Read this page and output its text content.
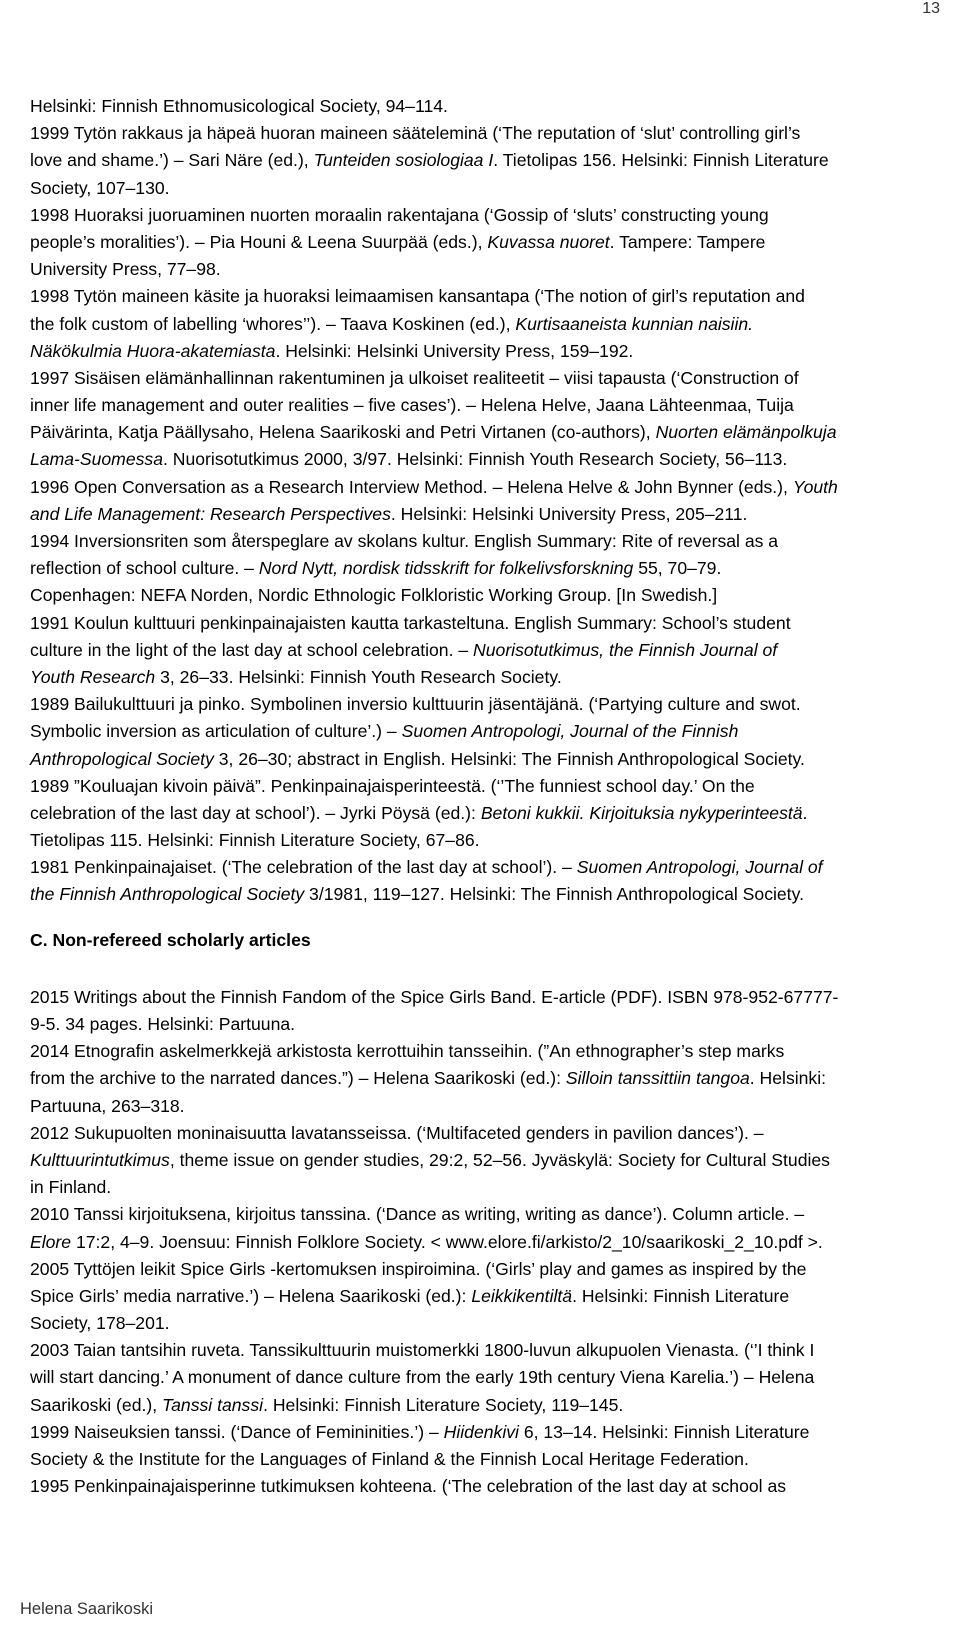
13
Helsinki: Finnish Ethnomusicological Society, 94–114.
1999 Tytön rakkaus ja häpeä huoran maineen sääteleminä (‘The reputation of ‘slut’ controlling girl’s
love and shame.’) – Sari Näre (ed.), Tunteiden sosiologiaa I. Tietolipas 156. Helsinki: Finnish Literature
Society, 107–130.
1998 Huoraksi juoruaminen nuorten moraalin rakentajana (‘Gossip of ‘sluts’ constructing young
people’s moralities’). – Pia Houni & Leena Suurpää (eds.), Kuvassa nuoret. Tampere: Tampere
University Press, 77–98.
1998 Tytön maineen käsite ja huoraksi leimaamisen kansantapa (‘The notion of girl’s reputation and
the folk custom of labelling ‘whores’’). – Taava Koskinen (ed.), Kurtisaaneista kunnian naisiin.
Näkökulmia Huora-akatemiasta. Helsinki: Helsinki University Press, 159–192.
1997 Sisäisen elämänhallinnan rakentuminen ja ulkoiset realiteetit – viisi tapausta (‘Construction of
inner life management and outer realities – five cases’). – Helena Helve, Jaana Lähteenmaa, Tuija
Päivärinta, Katja Päällysaho, Helena Saarikoski and Petri Virtanen (co-authors), Nuorten elämänpolkuja
Lama-Suomessa. Nuorisotutkimus 2000, 3/97. Helsinki: Finnish Youth Research Society, 56–113.
1996 Open Conversation as a Research Interview Method. – Helena Helve & John Bynner (eds.), Youth
and Life Management: Research Perspectives. Helsinki: Helsinki University Press, 205–211.
1994 Inversionsriten som återspeglare av skolans kultur. English Summary: Rite of reversal as a
reflection of school culture. – Nord Nytt, nordisk tidsskrift for folkelivsforskning 55, 70–79.
Copenhagen: NEFA Norden, Nordic Ethnologic Folkloristic Working Group. [In Swedish.]
1991 Koulun kulttuuri penkinpainajaisten kautta tarkasteltuna. English Summary: School’s student
culture in the light of the last day at school celebration. – Nuorisotutkimus, the Finnish Journal of
Youth Research 3, 26–33. Helsinki: Finnish Youth Research Society.
1989 Bailukulttuuri ja pinko. Symbolinen inversio kulttuurin jäsentäjänä. (‘Partying culture and swot.
Symbolic inversion as articulation of culture’.) – Suomen Antropologi, Journal of the Finnish
Anthropological Society 3, 26–30; abstract in English. Helsinki: The Finnish Anthropological Society.
1989 ”Kouluajan kivoin päivä”. Penkinpainajaisperinteestä. (‘’The funniest school day.’ On the
celebration of the last day at school’). – Jyrki Pöysä (ed.): Betoni kukkii. Kirjoituksia nykyperinteestä.
Tietolipas 115. Helsinki: Finnish Literature Society, 67–86.
1981 Penkinpainajaiset. (‘The celebration of the last day at school’). – Suomen Antropologi, Journal of
the Finnish Anthropological Society 3/1981, 119–127. Helsinki: The Finnish Anthropological Society.
C. Non-refereed scholarly articles
2015 Writings about the Finnish Fandom of the Spice Girls Band. E-article (PDF). ISBN 978-952-67777-
9-5. 34 pages. Helsinki: Partuuna.
2014 Etnografin askelmerkkejä arkistosta kerrottuihin tansseihin. (”An ethnographer’s step marks
from the archive to the narrated dances.”) – Helena Saarikoski (ed.): Silloin tanssittiin tangoa. Helsinki:
Partuuna, 263–318.
2012 Sukupuolten moninaisuutta lavatansseissa. (‘Multifaceted genders in pavilion dances’). –
Kulttuurintutkimus, theme issue on gender studies, 29:2, 52–56. Jyväskylä: Society for Cultural Studies
in Finland.
2010 Tanssi kirjoituksena, kirjoitus tanssina. (‘Dance as writing, writing as dance’). Column article. –
Elore 17:2, 4–9. Joensuu: Finnish Folklore Society. < www.elore.fi/arkisto/2_10/saarikoski_2_10.pdf >.
2005 Tyttöjen leikit Spice Girls -kertomuksen inspiroimina. (‘Girls’ play and games as inspired by the
Spice Girls’ media narrative.’) – Helena Saarikoski (ed.): Leikkikentiltä. Helsinki: Finnish Literature
Society, 178–201.
2003 Taian tantsihin ruveta. Tanssikulttuurin muistomerkki 1800-luvun alkupuolen Vienasta. (‘’I think I
will start dancing.’ A monument of dance culture from the early 19th century Viena Karelia.’) – Helena
Saarikoski (ed.), Tanssi tanssi. Helsinki: Finnish Literature Society, 119–145.
1999 Naiseuksien tanssi. (‘Dance of Femininities.’) – Hiidenkivi 6, 13–14. Helsinki: Finnish Literature
Society & the Institute for the Languages of Finland & the Finnish Local Heritage Federation.
1995 Penkinpainajaisperinne tutkimuksen kohteena. (‘The celebration of the last day at school as
Helena Saarikoski
